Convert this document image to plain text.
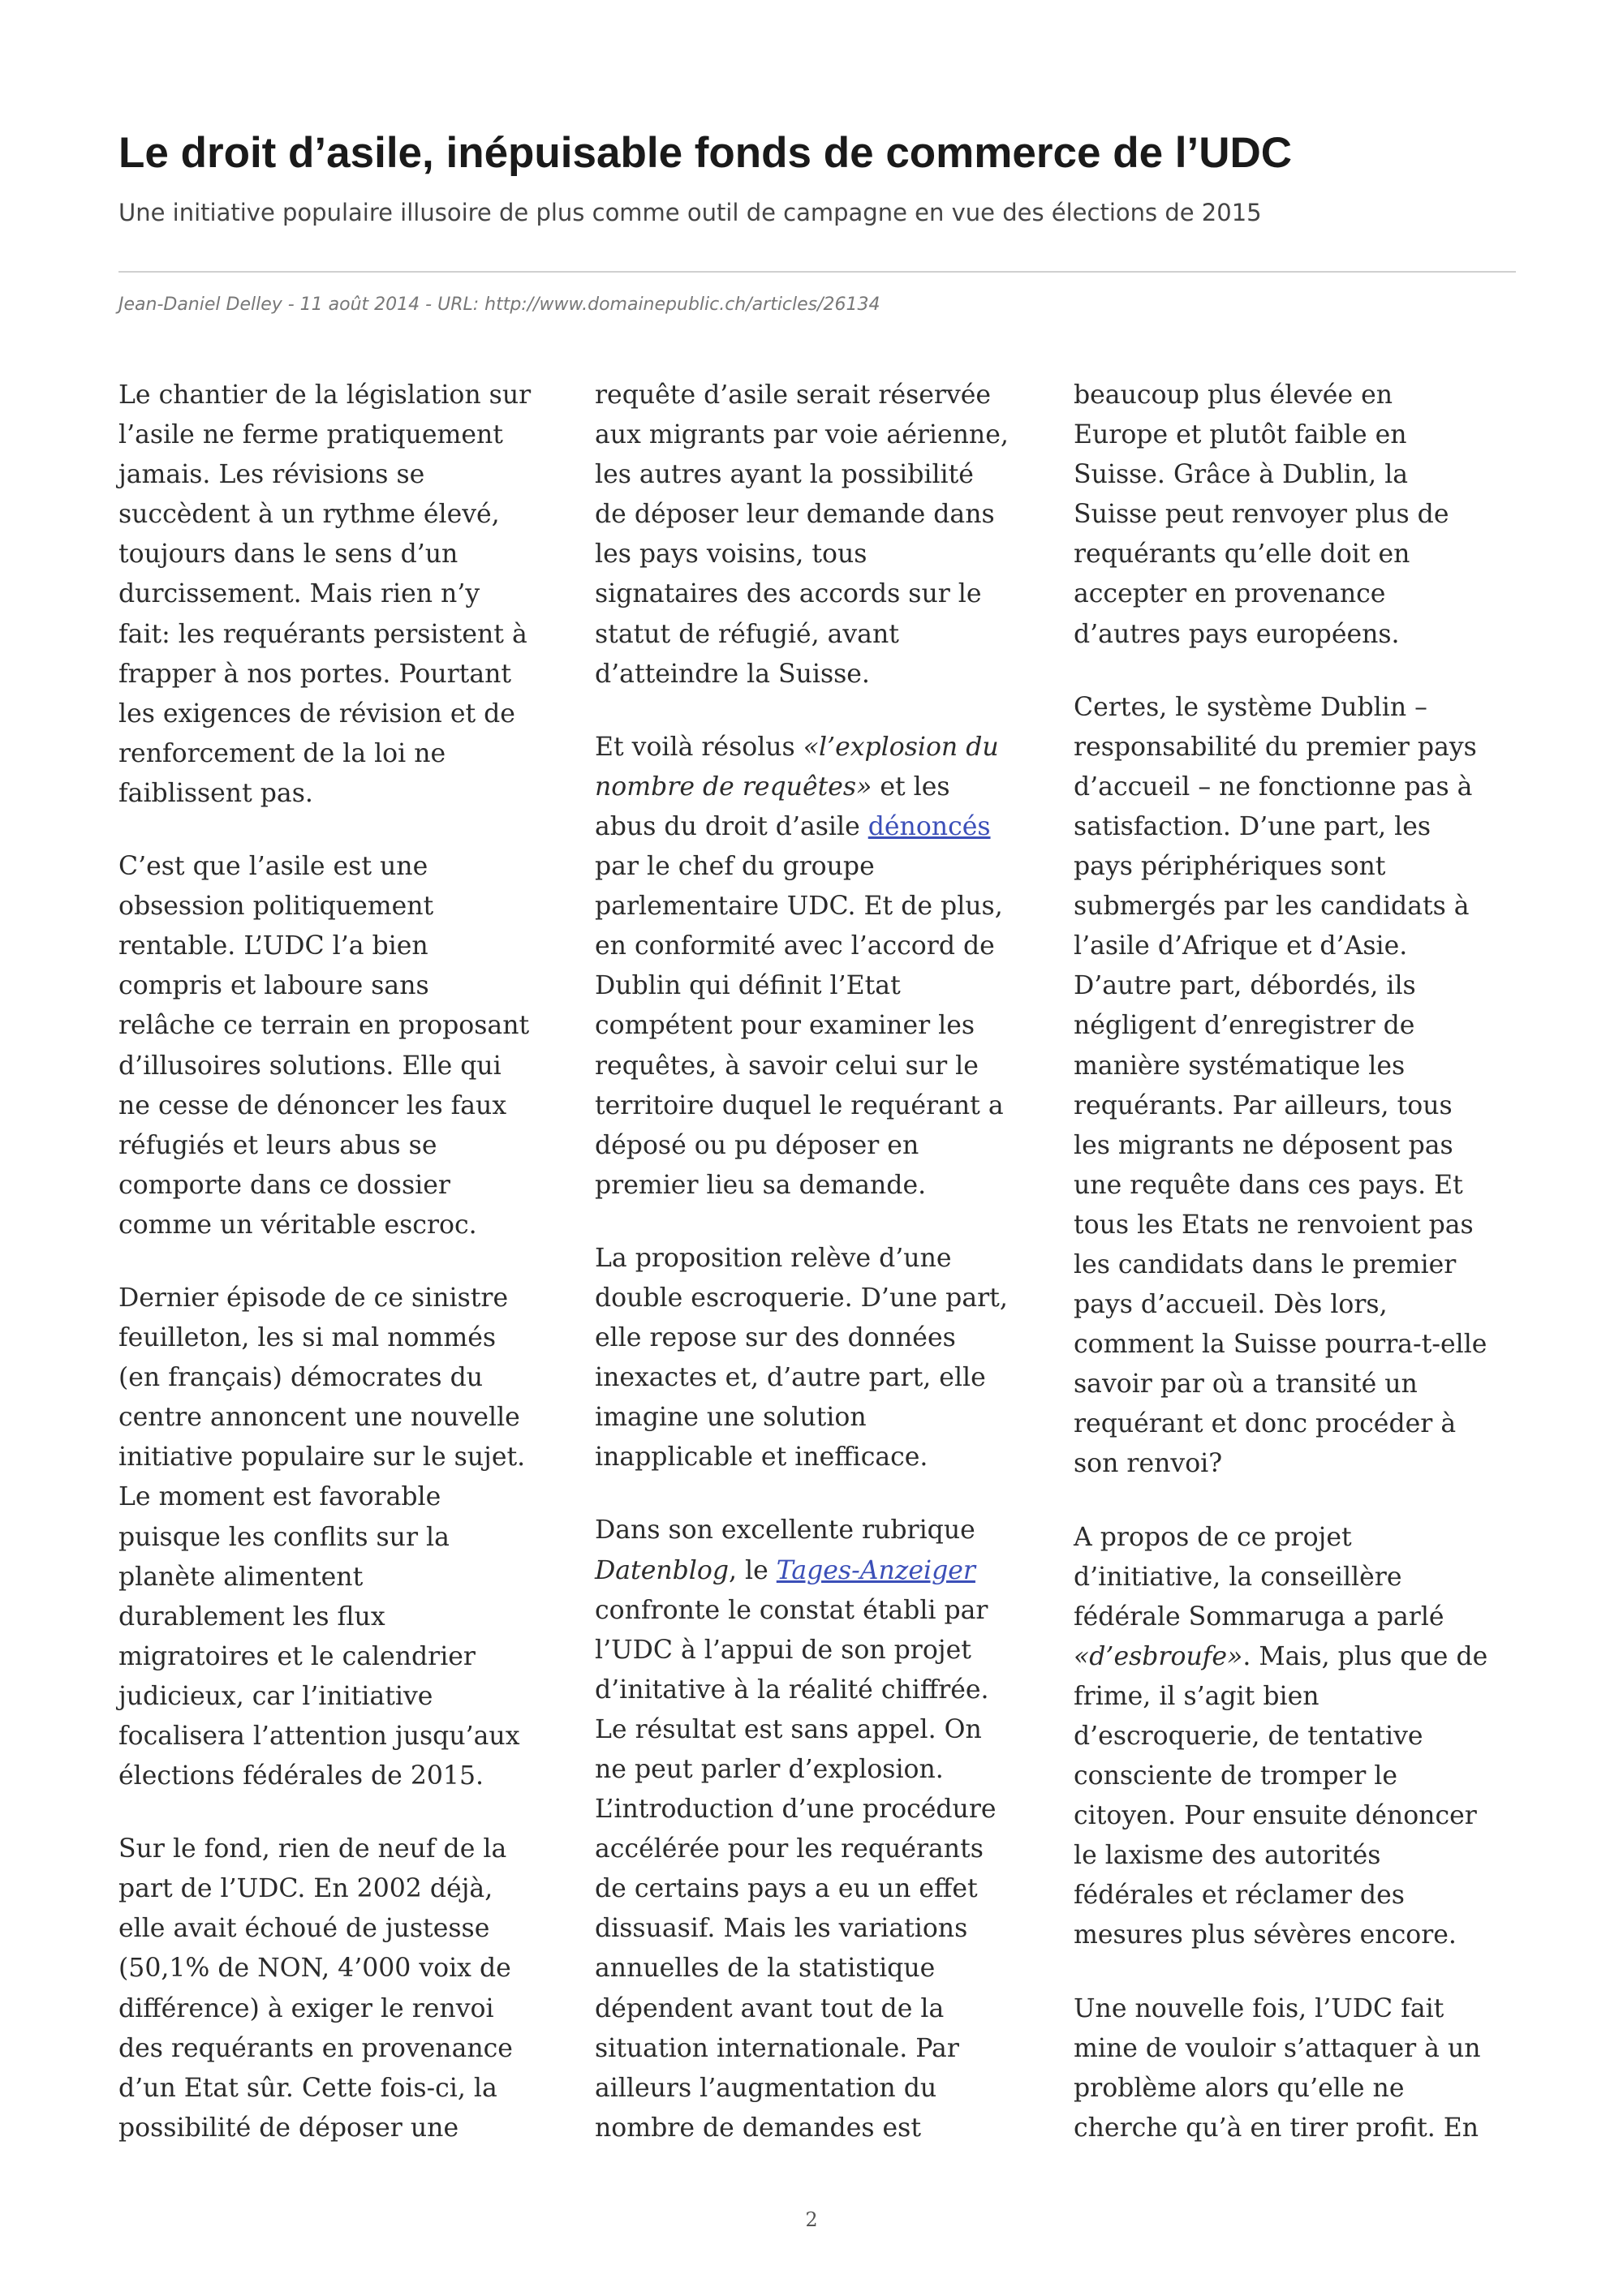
Le droit d’asile, inépuisable fonds de commerce de l’UDC

Une initiative populaire illusoire de plus comme outil de campagne en vue des élections de 2015

Jean-Daniel Delley - 11 août 2014 - URL: http://www.domainepublic.ch/articles/26134

Le chantier de la législation sur
l’asile ne ferme pratiquement
jamais. Les révisions se
succèdent à un rythme élevé,
toujours dans le sens d’un
durcissement. Mais rien n’y
fait: les requérants persistent à
frapper à nos portes. Pourtant
les exigences de révision et de
renforcement de la loi ne
faiblissent pas.

C’est que l’asile est une
obsession politiquement
rentable. L’UDC l’a bien
compris et laboure sans
relâche ce terrain en proposant
d’illusoires solutions. Elle qui
ne cesse de dénoncer les faux
réfugiés et leurs abus se
comporte dans ce dossier
comme un véritable escroc.

Dernier épisode de ce sinistre
feuilleton, les si mal nommés
(en français) démocrates du
centre annoncent une nouvelle
initiative populaire sur le sujet.
Le moment est favorable
puisque les conflits sur la
planète alimentent
durablement les flux
migratoires et le calendrier
judicieux, car l’initiative
focalisera l’attention jusqu’aux
élections fédérales de 2015.

Sur le fond, rien de neuf de la
part de l’UDC. En 2002 déjà,
elle avait échoué de justesse
(50,1% de NON, 4’000 voix de
différence) à exiger le renvoi
des requérants en provenance
d’un Etat sûr. Cette fois-ci, la
possibilité de déposer une

requête d’asile serait réservée
aux migrants par voie aérienne,
les autres ayant la possibilité
de déposer leur demande dans
les pays voisins, tous
signataires des accords sur le
statut de réfugié, avant
d’atteindre la Suisse.

Et voilà résolus «l’explosion du
nombre de requêtes» et les
abus du droit d’asile dénoncés
par le chef du groupe
parlementaire UDC. Et de plus,
en conformité avec l’accord de
Dublin qui définit l’Etat
compétent pour examiner les
requêtes, à savoir celui sur le
territoire duquel le requérant a
déposé ou pu déposer en
premier lieu sa demande.

La proposition relève d’une
double escroquerie. D’une part,
elle repose sur des données
inexactes et, d’autre part, elle
imagine une solution
inapplicable et inefficace.

Dans son excellente rubrique
Datenblog, le Tages-Anzeiger
confronte le constat établi par
l’UDC à l’appui de son projet
d’initative à la réalité chiffrée.
Le résultat est sans appel. On
ne peut parler d’explosion.
L’introduction d’une procédure
accélérée pour les requérants
de certains pays a eu un effet
dissuasif. Mais les variations
annuelles de la statistique
dépendent avant tout de la
situation internationale. Par
ailleurs l’augmentation du
nombre de demandes est

beaucoup plus élevée en
Europe et plutôt faible en
Suisse. Grâce à Dublin, la
Suisse peut renvoyer plus de
requérants qu’elle doit en
accepter en provenance
d’autres pays européens.

Certes, le système Dublin –
responsabilité du premier pays
d’accueil – ne fonctionne pas à
satisfaction. D’une part, les
pays périphériques sont
submergés par les candidats à
l’asile d’Afrique et d’Asie.
D’autre part, débordés, ils
négligent d’enregistrer de
manière systématique les
requérants. Par ailleurs, tous
les migrants ne déposent pas
une requête dans ces pays. Et
tous les Etats ne renvoient pas
les candidats dans le premier
pays d’accueil. Dès lors,
comment la Suisse pourra-t-elle
savoir par où a transité un
requérant et donc procéder à
son renvoi?

A propos de ce projet
d’initiative, la conseillère
fédérale Sommaruga a parlé
«d’esbroufe». Mais, plus que de
frime, il s’agit bien
d’escroquerie, de tentative
consciente de tromper le
citoyen. Pour ensuite dénoncer
le laxisme des autorités
fédérales et réclamer des
mesures plus sévères encore.

Une nouvelle fois, l’UDC fait
mine de vouloir s’attaquer à un
problème alors qu’elle ne
cherche qu’à en tirer profit. En

2
